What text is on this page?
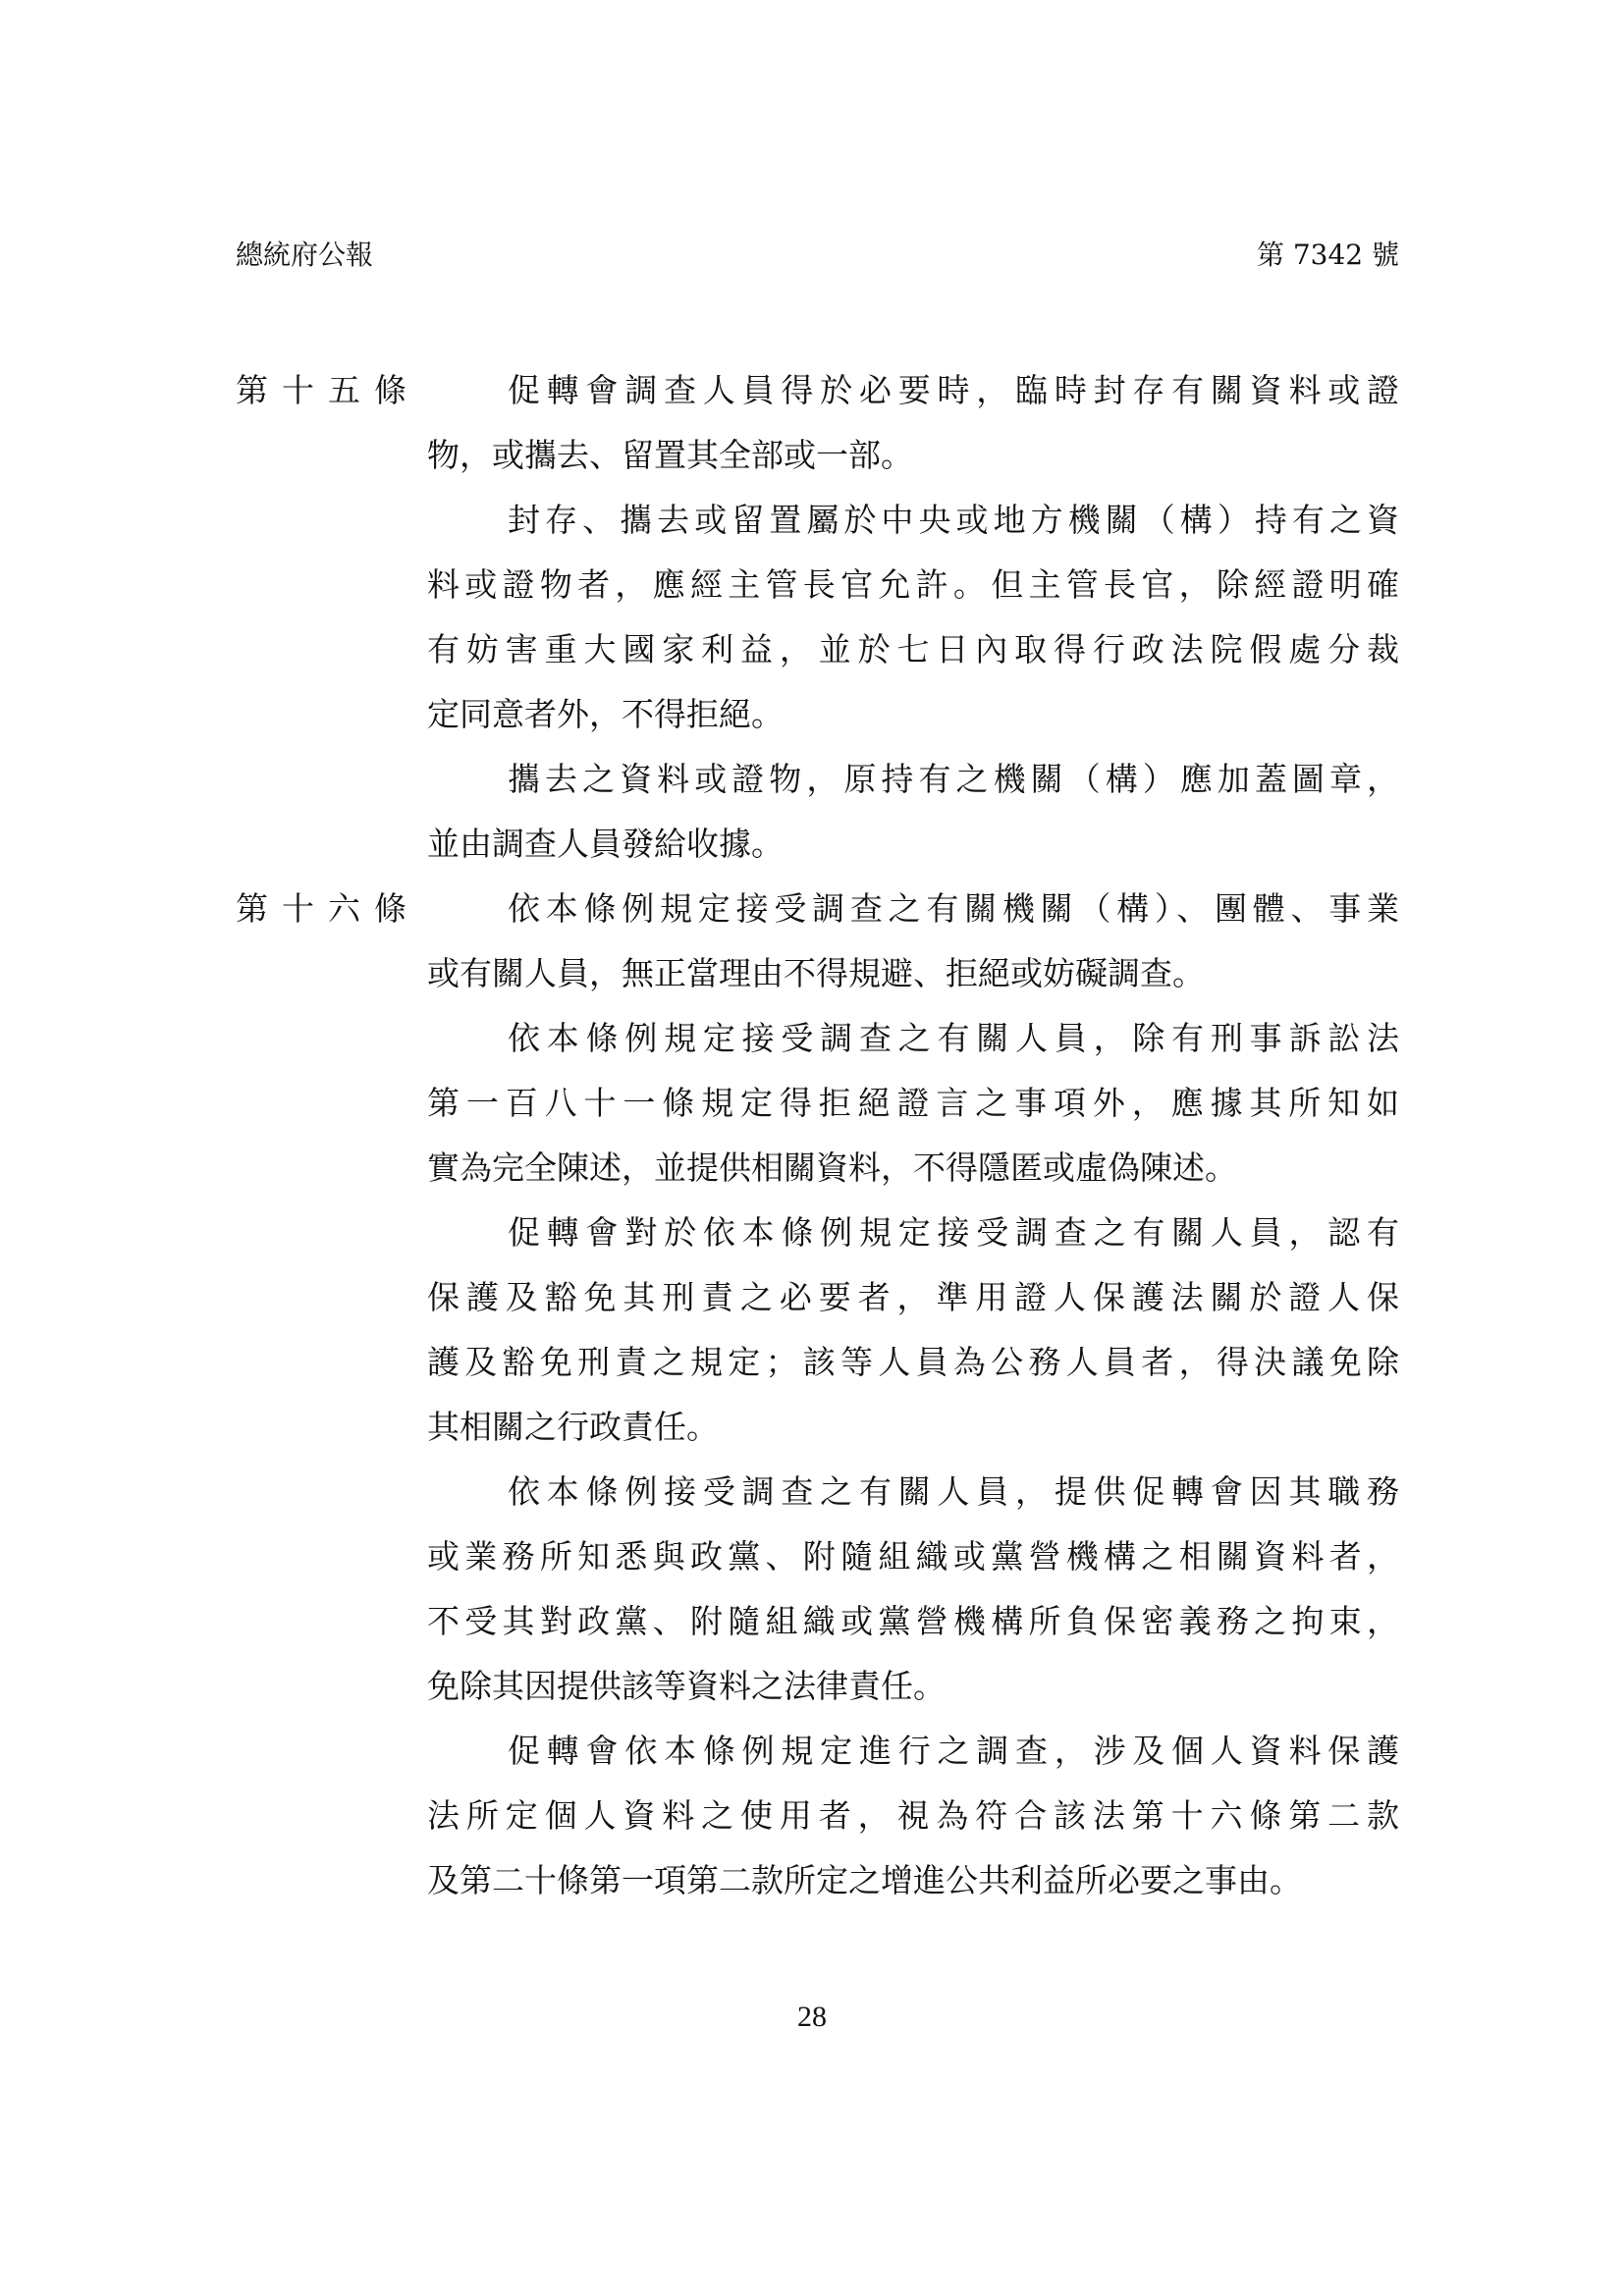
總統府公報	第 7342 號
第十五條	促轉會調查人員得於必要時，臨時封存有關資料或證
物，或攜去、留置其全部或一部。
封存、攜去或留置屬於中央或地方機關（構）持有之資
料或證物者，應經主管長官允許。但主管長官，除經證明確
有妨害重大國家利益，並於七日內取得行政法院假處分裁
定同意者外，不得拒絕。
攜去之資料或證物，原持有之機關（構）應加蓋圖章，
並由調查人員發給收據。
第十六條	依本條例規定接受調查之有關機關（構）、團體、事業
或有關人員，無正當理由不得規避、拒絕或妨礙調查。
依本條例規定接受調查之有關人員，除有刑事訴訟法
第一百八十一條規定得拒絕證言之事項外，應據其所知如
實為完全陳述，並提供相關資料，不得隱匿或虛偽陳述。
促轉會對於依本條例規定接受調查之有關人員，認有
保護及豁免其刑責之必要者，準用證人保護法關於證人保
護及豁免刑責之規定；該等人員為公務人員者，得決議免除
其相關之行政責任。
依本條例接受調查之有關人員，提供促轉會因其職務
或業務所知悉與政黨、附隨組織或黨營機構之相關資料者，
不受其對政黨、附隨組織或黨營機構所負保密義務之拘束，
免除其因提供該等資料之法律責任。
促轉會依本條例規定進行之調查，涉及個人資料保護
法所定個人資料之使用者，視為符合該法第十六條第二款
及第二十條第一項第二款所定之增進公共利益所必要之事由。
28
